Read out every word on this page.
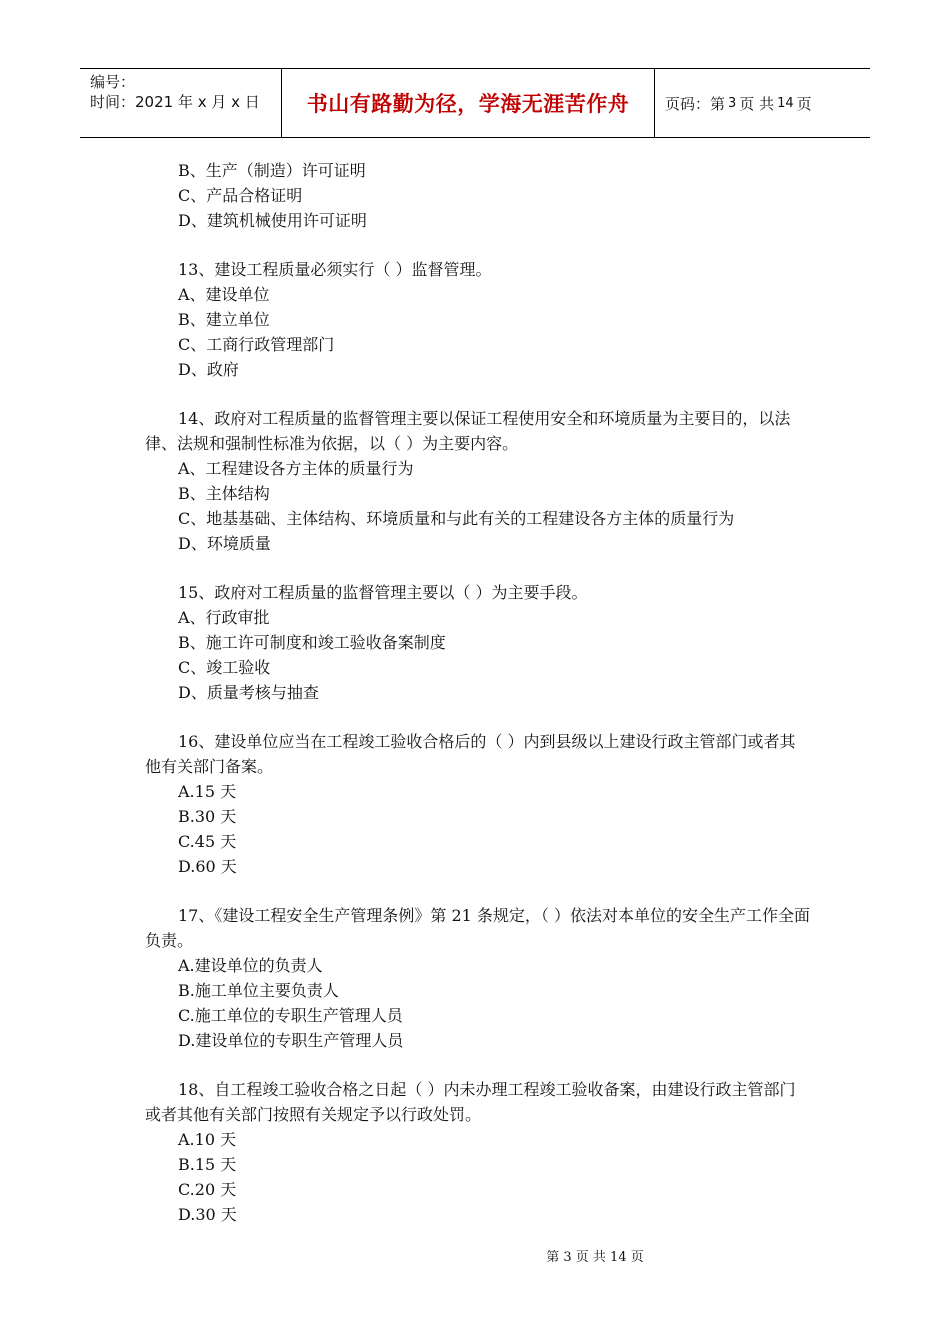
编号：
时间：2021 年 x 月 x 日	书山有路勤为径，学海无涯苦作舟 页码：第 3 页 共 14 页
B、生产（制造）许可证明
C、产品合格证明
D、建筑机械使用许可证明
13、建设工程质量必须实行（ ）监督管理。
A、建设单位
B、建立单位
C、工商行政管理部门
D、政府
14、政府对工程质量的监督管理主要以保证工程使用安全和环境质量为主要目的，以法律、法规和强制性标准为依据，以（ ）为主要内容。
A、工程建设各方主体的质量行为
B、主体结构
C、地基基础、主体结构、环境质量和与此有关的工程建设各方主体的质量行为
D、环境质量
15、政府对工程质量的监督管理主要以（ ）为主要手段。
A、行政审批
B、施工许可制度和竣工验收备案制度
C、竣工验收
D、质量考核与抽查
16、建设单位应当在工程竣工验收合格后的（ ）内到县级以上建设行政主管部门或者其他有关部门备案。
A.15 天
B.30 天
C.45 天
D.60 天
17、《建设工程安全生产管理条例》第 21 条规定，（ ）依法对本单位的安全生产工作全面负责。
A.建设单位的负责人
B.施工单位主要负责人
C.施工单位的专职生产管理人员
D.建设单位的专职生产管理人员
18、自工程竣工验收合格之日起（ ）内未办理工程竣工验收备案，由建设行政主管部门或者其他有关部门按照有关规定予以行政处罚。
A.10 天
B.15 天
C.20 天
D.30 天
第 3 页 共 14 页
